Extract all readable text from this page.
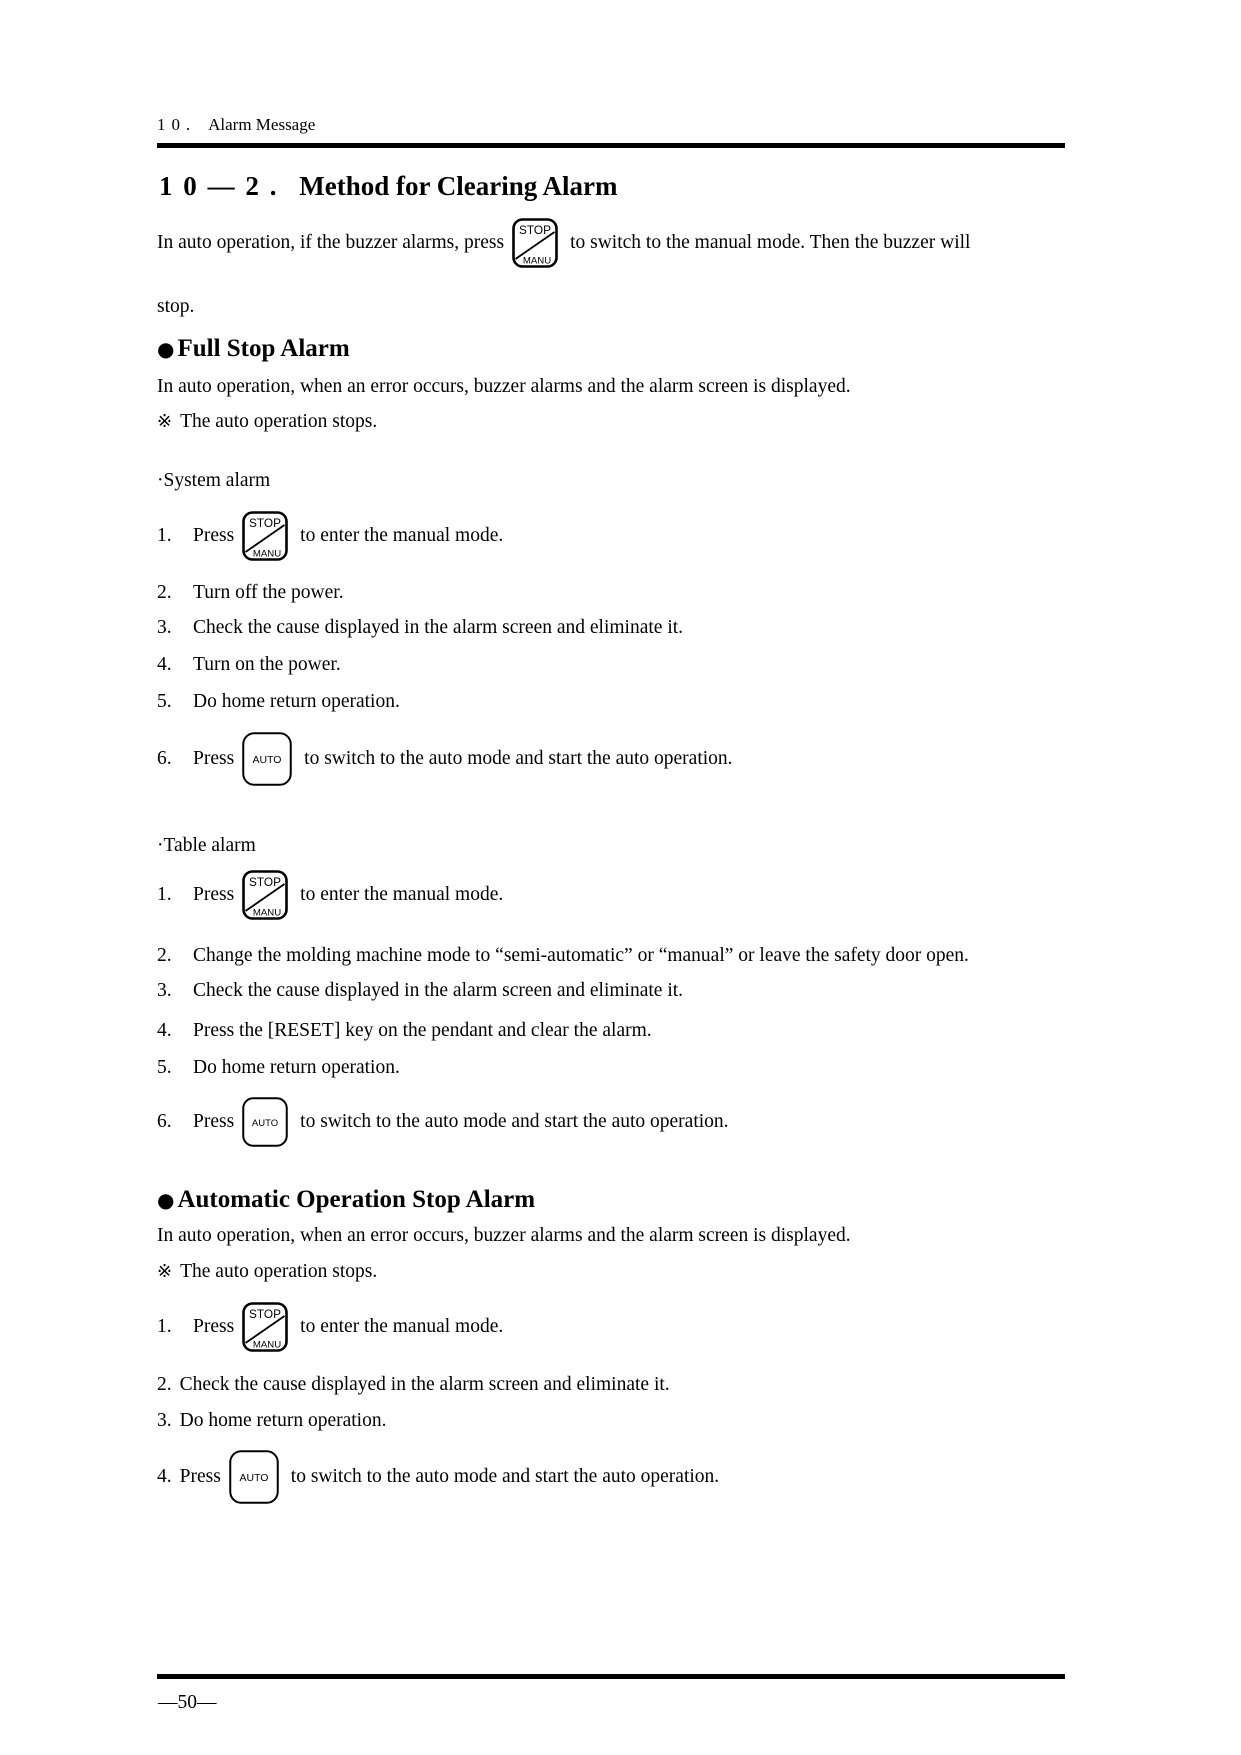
10. Alarm Message
10—2. Method for Clearing Alarm
In auto operation, if the buzzer alarms, press
STOP
MANU
to switch to the manual mode. Then the buzzer will
stop.
● Full Stop Alarm
In auto operation, when an error occurs, buzzer alarms and the alarm screen is displayed.
※ The auto operation stops.
·System alarm
1.	Press
STOP
MANU
to enter the manual mode.
2.	Turn off the power.
3.	Check the cause displayed in the alarm screen and eliminate it.
4.	Turn on the power.
5.	Do home return operation.
6.	Press AUTO to switch to the auto mode and start the auto operation.
·Table alarm
1.	Press
STOP
MANU
to enter the manual mode.
2.	Change the molding machine mode to “semi-automatic” or “manual” or leave the safety door open.
3.	Check the cause displayed in the alarm screen and eliminate it.
4.	Press the [RESET] key on the pendant and clear the alarm.
5.	Do home return operation.
6.	Press AUTO to switch to the auto mode and start the auto operation.
● Automatic Operation Stop Alarm
In auto operation, when an error occurs, buzzer alarms and the alarm screen is displayed.
※ The auto operation stops.
1.	Press
STOP
MANU
to enter the manual mode.
2. Check the cause displayed in the alarm screen and eliminate it.
3. Do home return operation.
4. Press AUTO to switch to the auto mode and start the auto operation.
—50—
